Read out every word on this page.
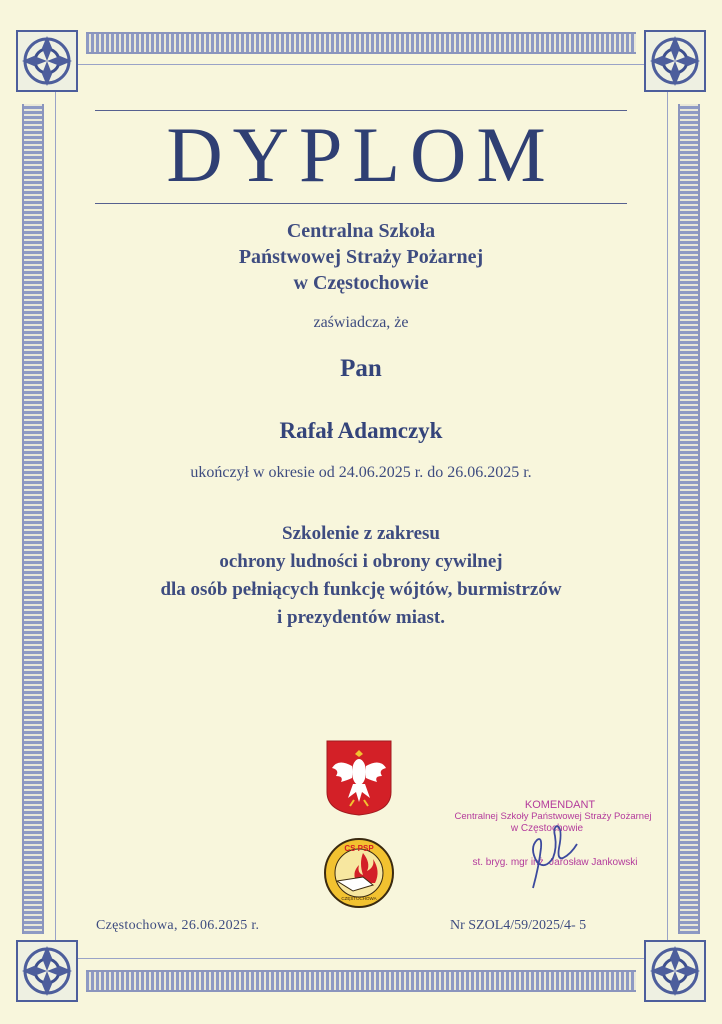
DYPLOM
Centralna Szkoła
Państwowej Straży Pożarnej
w Częstochowie
zaświadcza, że
Pan
Rafał Adamczyk
ukończył w okresie od 24.06.2025 r. do 26.06.2025 r.
Szkolenie z zakresu
ochrony ludności i obrony cywilnej
dla osób pełniących funkcję wójtów, burmistrzów
i prezydentów miast.
CS PSP
CZĘSTOCHOWA
KOMENDANT
Centralnej Szkoły Państwowej Straży Pożarnej
w Częstochowie
st. bryg. mgr inż. Jarosław Jankowski
Częstochowa, 26.06.2025 r.	Nr SZOL4/59/2025/4- 5
